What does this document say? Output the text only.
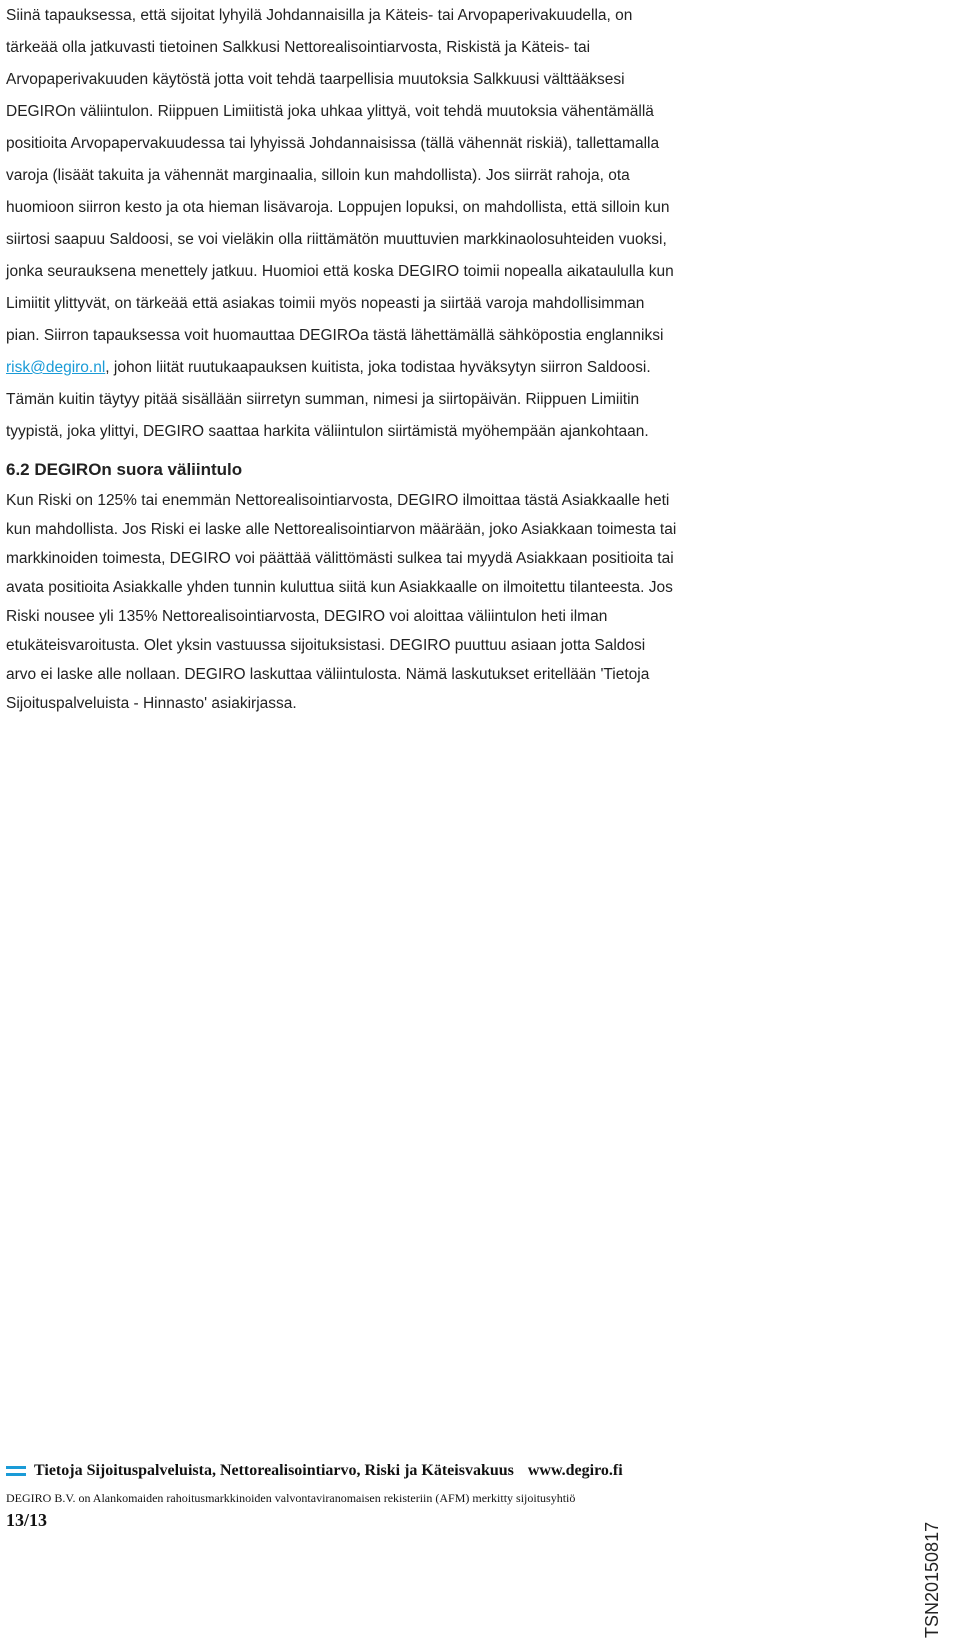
Siinä tapauksessa, että sijoitat lyhyilä Johdannaisilla ja Käteis- tai Arvopaperivakuudella, on
tärkeää olla jatkuvasti tietoinen Salkkusi Nettorealisointiarvosta, Riskistä ja Käteis- tai
Arvopaperivakuuden käytöstä jotta voit tehdä taarpellisia muutoksia Salkkuusi välttääksesi
DEGIROn väliintulon. Riippuen Limiitistä joka uhkaa ylittyä, voit tehdä muutoksia vähentämällä
positioita Arvopapervakuudessa tai lyhyissä Johdannaisissa (tällä vähennät riskiä), tallettamalla
varoja (lisäät takuita ja vähennät marginaalia, silloin kun mahdollista). Jos siirrät rahoja, ota
huomioon siirron kesto ja ota hieman lisävaroja. Loppujen lopuksi, on mahdollista, että silloin kun
siirtosi saapuu Saldoosi, se voi vieläkin olla riittämätön muuttuvien markkinaolosuhteiden vuoksi,
jonka seurauksena menettely jatkuu. Huomioi että koska DEGIRO toimii nopealla aikataululla kun
Limiitit ylittyvät, on tärkeää että asiakas toimii myös nopeasti ja siirtää varoja mahdollisimman
pian. Siirron tapauksessa voit huomauttaa DEGIROa tästä lähettämällä sähköpostia englanniksi
risk@degiro.nl, johon liität ruutukaapauksen kuitista, joka todistaa hyväksytyn siirron Saldoosi.
Tämän kuitin täytyy pitää sisällään siirretyn summan, nimesi ja siirtopäivän. Riippuen Limiitin
tyypistä, joka ylittyi, DEGIRO saattaa harkita väliintulon siirtämistä myöhempään ajankohtaan.
6.2 DEGIROn suora väliintulo
Kun Riski on 125% tai enemmän Nettorealisointiarvosta, DEGIRO ilmoittaa tästä Asiakkaalle heti
kun mahdollista. Jos Riski ei laske alle Nettorealisointiarvon määrään, joko Asiakkaan toimesta tai
markkinoiden toimesta, DEGIRO voi päättää välittömästi sulkea tai myydä Asiakkaan positioita tai
avata positioita Asiakkalle yhden tunnin kuluttua siitä kun Asiakkaalle on ilmoitettu tilanteesta. Jos
Riski nousee yli 135% Nettorealisointiarvosta, DEGIRO voi aloittaa väliintulon heti ilman
etukäteisvaroitusta. Olet yksin vastuussa sijoituksistasi. DEGIRO puuttuu asiaan jotta Saldosi
arvo ei laske alle nollaan. DEGIRO laskuttaa väliintulosta. Nämä laskutukset eritellään 'Tietoja
Sijoituspalveluista - Hinnasto' asiakirjassa.
Tietoja Sijoituspalveluista, Nettorealisointiarvo, Riski ja Käteisvakuus www.degiro.fi
DEGIRO B.V. on Alankomaiden rahoitusmarkkinoiden valvontaviranomaisen rekisteriin (AFM) merkitty sijoitusyhtiö
13/13
TSN20150817
